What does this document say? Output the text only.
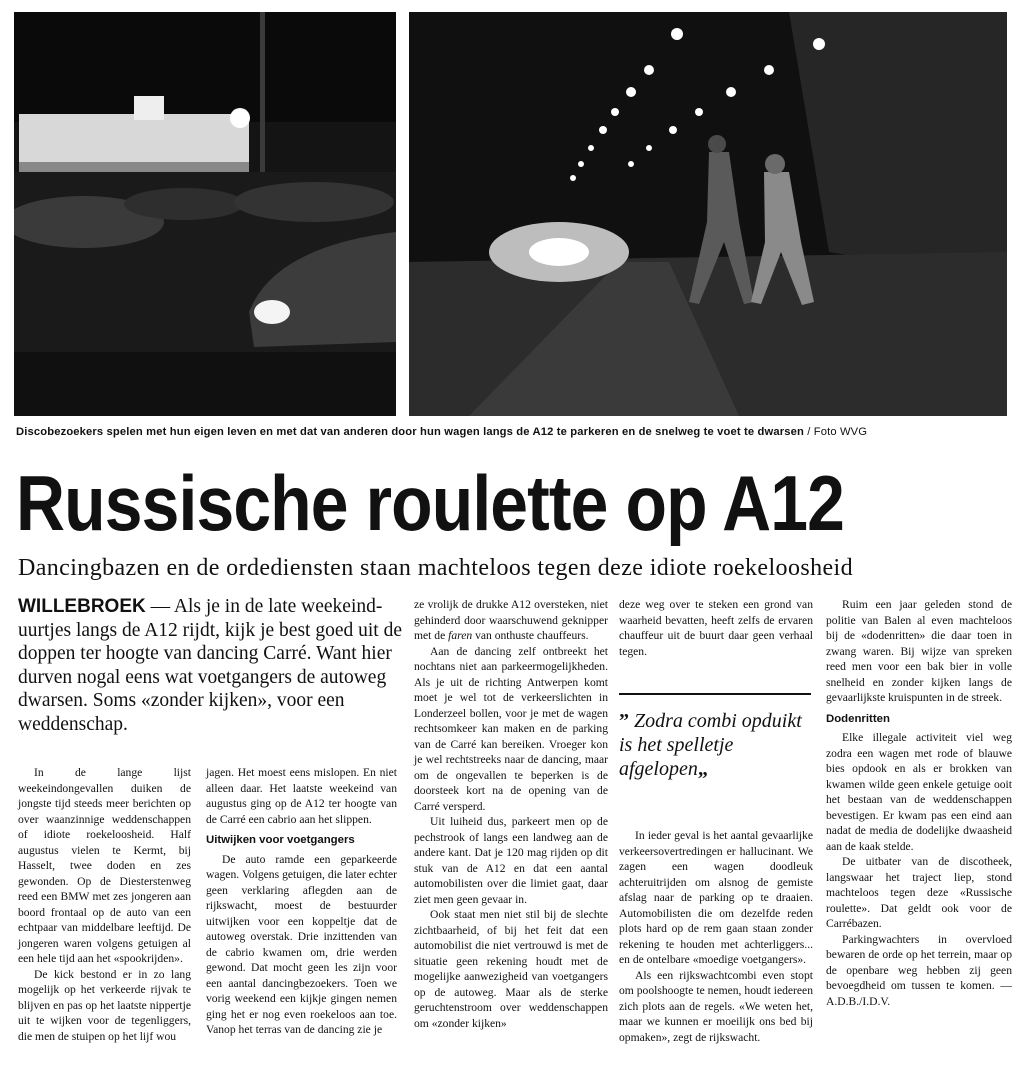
Discobezoekers spelen met hun eigen leven en met dat van anderen door hun wagen langs de A12 te parkeren en de snelweg te voet te dwarsen / Foto WVG
Russische roulette op A12
Dancingbazen en de ordediensten staan machteloos tegen deze idiote roekeloosheid
WILLEBROEK — Als je in de late weekeind-uurtjes langs de A12 rijdt, kijk je best goed uit de doppen ter hoogte van dancing Carré. Want hier durven nogal eens wat voetgangers de autoweg dwarsen. Soms «zonder kijken», voor een weddenschap.

In de lange lijst weekeindongevallen duiken de jongste tijd steeds meer berichten op over waanzinnige weddenschappen of idiote roekeloosheid. Half augustus vielen te Kermt, bij Hasselt, twee doden en zes gewonden. Op de Diesterstenweg reed een BMW met zes jongeren aan boord frontaal op de auto van een echtpaar van middelbare leeftijd. De jongeren waren volgens getuigen al een hele tijd aan het «spookrijden».

De kick bestond er in zo lang mogelijk op het verkeerde rijvak te blijven en pas op het laatste nippertje uit te wijken voor de tegenliggers, die men de stuipen op het lijf wou

jagen. Het moest eens mislopen. En niet alleen daar. Het laatste weekeind van augustus ging op de A12 ter hoogte van de Carré een cabrio aan het slippen.

Uitwijken voor voetgangers

De auto ramde een geparkeerde wagen. Volgens getuigen, die later echter geen verklaring aflegden aan de rijkswacht, moest de bestuurder uitwijken voor een koppeltje dat de autoweg overstak. Drie inzittenden van de cabrio kwamen om, drie werden gewond. Dat mocht geen les zijn voor een aantal dancingbezoekers. Toen we vorig weekend een kijkje gingen nemen ging het er nog even roekeloos aan toe. Vanop het terras van de dancing zie je

ze vrolijk de drukke A12 oversteken, niet gehinderd door waarschuwend geknipper met de faren van onthuste chauffeurs.

Aan de dancing zelf ontbreekt het nochtans niet aan parkeermogelijkheden. Als je uit de richting Antwerpen komt moet je wel tot de verkeerslichten in Londerzeel bollen, voor je met de wagen rechtsomkeer kan maken en de parking van de Carré kan bereiken. Vroeger kon je wel rechtstreeks naar de dancing, maar om de ongevallen te beperken is de doorsteek kort na de opening van de Carré versperd.

Uit luiheid dus, parkeert men op de pechstrook of langs een landweg aan de andere kant. Dat je 120 mag rijden op dit stuk van de A12 en dat een aantal automobilisten over die limiet gaat, daar ziet men geen gevaar in.

Ook staat men niet stil bij de slechte zichtbaarheid, of bij het feit dat een automobilist die niet vertrouwd is met de situatie geen rekening houdt met de mogelijke aanwezigheid van voetgangers op de autoweg. Maar als de sterke geruchtenstroom over weddenschappen om «zonder kijken»

deze weg over te steken een grond van waarheid bevatten, heeft zelfs de ervaren chauffeur uit de buurt daar geen verhaal tegen.

” Zodra combi opduikt is het spelletje afgelopen„

In ieder geval is het aantal gevaarlijke verkeersovertredingen er hallucinant. We zagen een wagen doodleuk achteruitrijden om alsnog de gemiste afslag naar de parking op te draaien. Automobilisten die om dezelfde reden plots hard op de rem gaan staan zonder rekening te houden met achterliggers... en de ontelbare «moedige voetgangers».

Als een rijkswachtcombi even stopt om poolshoogte te nemen, houdt iedereen zich plots aan de regels. «We weten het, maar we kunnen er moeilijk ons bed bij opmaken», zegt de rijkswacht.

Ruim een jaar geleden stond de politie van Balen al even machteloos bij de «dodenritten» die daar toen in zwang waren. Bij wijze van spreken reed men voor een bak bier in volle snelheid en zonder kijken langs de gevaarlijkste kruispunten in de streek.

Dodenritten

Elke illegale activiteit viel weg zodra een wagen met rode of blauwe bies opdook en als er brokken van kwamen wilde geen enkele getuige ooit het bestaan van de weddenschappen bevestigen. Er kwam pas een eind aan nadat de media de dodelijke dwaasheid aan de kaak stelde.

De uitbater van de discotheek, langswaar het traject liep, stond machteloos tegen deze «Russische roulette». Dat geldt ook voor de Carrébazen.

Parkingwachters in overvloed bewaren de orde op het terrein, maar op de openbare weg hebben zij geen bevoegdheid om tussen te komen. — A.D.B./I.D.V.
